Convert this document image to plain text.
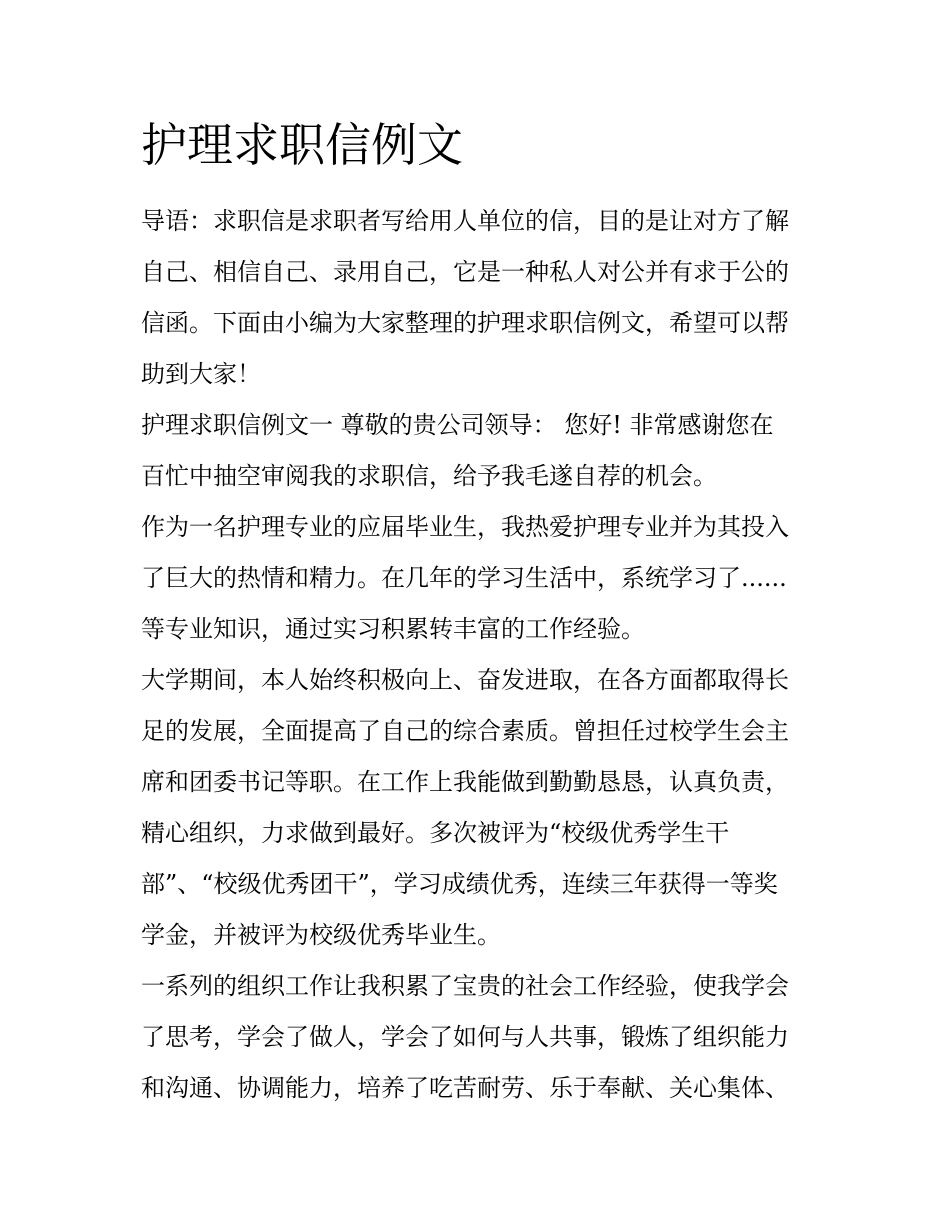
护理求职信例文

导语：求职信是求职者写给用人单位的信，目的是让对方了解

自己、相信自己、录用自己，它是一种私人对公并有求于公的

信函。下面由小编为大家整理的护理求职信例文，希望可以帮

助到大家！

护理求职信例文一 尊敬的贵公司领导： 您好! 非常感谢您在

百忙中抽空审阅我的求职信，给予我毛遂自荐的机会。

作为一名护理专业的应届毕业生，我热爱护理专业并为其投入

了巨大的热情和精力。在几年的学习生活中，系统学习了......

等专业知识，通过实习积累转丰富的工作经验。

大学期间，本人始终积极向上、奋发进取，在各方面都取得长

足的发展，全面提高了自己的综合素质。曾担任过校学生会主

席和团委书记等职。在工作上我能做到勤勤恳恳，认真负责，

精心组织，力求做到最好。多次被评为“校级优秀学生干

部”、“校级优秀团干”，学习成绩优秀，连续三年获得一等奖

学金，并被评为校级优秀毕业生。

一系列的组织工作让我积累了宝贵的社会工作经验，使我学会

了思考，学会了做人，学会了如何与人共事，锻炼了组织能力

和沟通、协调能力，培养了吃苦耐劳、乐于奉献、关心集体、
